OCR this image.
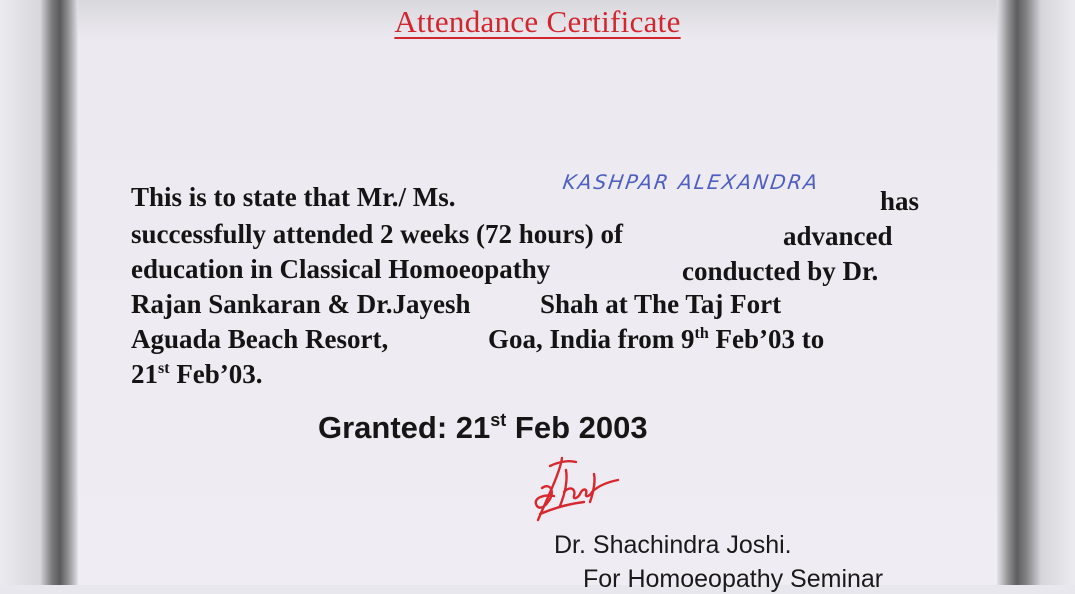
Attendance Certificate
This is to state that Mr./ Ms.	KASHPAR ALEXANDRA
has
successfully attended 2 weeks (72 hours) of	advanced
education in Classical Homoeopathy	conducted by Dr.
Rajan Sankaran & Dr.Jayesh	Shah at The Taj Fort
Aguada Beach Resort,	Goa, India from 9th Feb’03 to
21st Feb’03.
Granted: 21st Feb 2003
Dr. Shachindra Joshi.
For Homoeopathy Seminar
